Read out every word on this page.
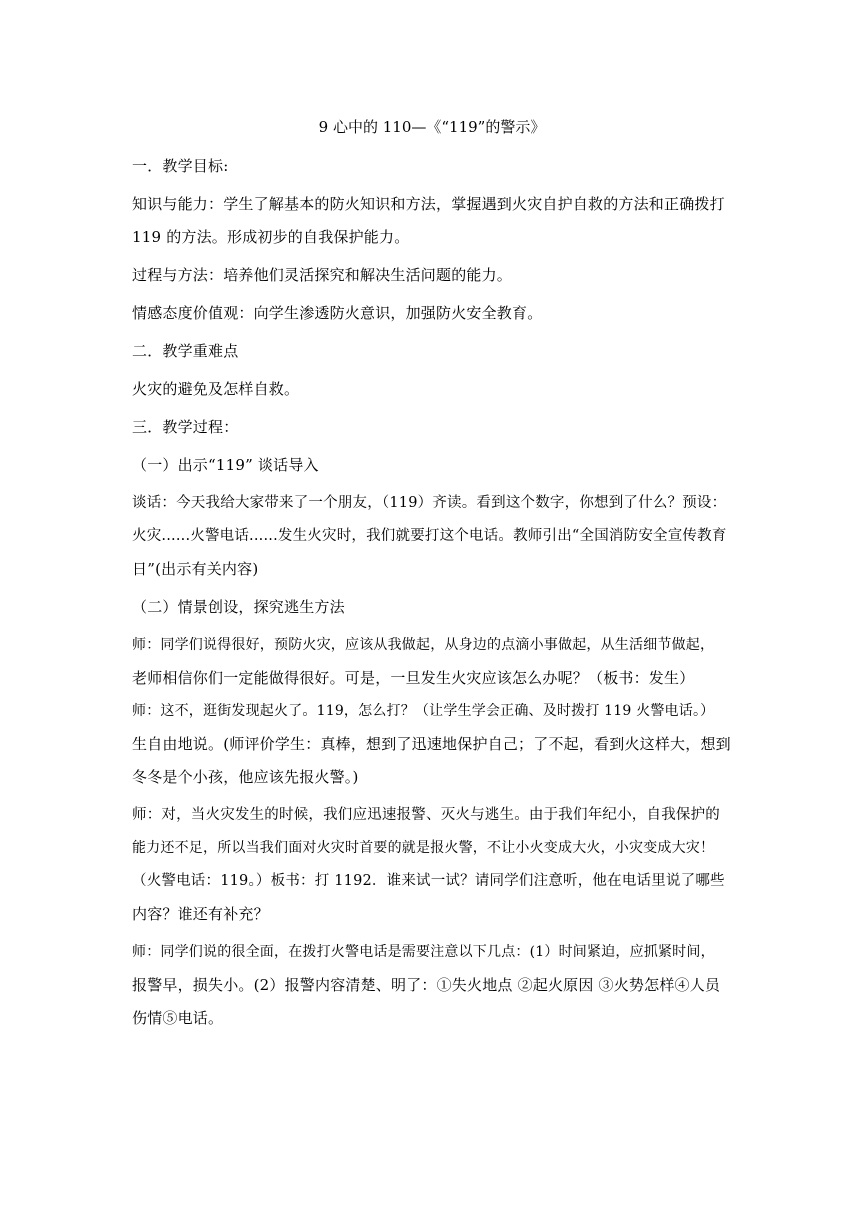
9 心中的 110—《“119”的警示》
一．教学目标:
知识与能力：学生了解基本的防火知识和方法，掌握遇到火灾自护自救的方法和正确拨打
119 的方法。形成初步的自我保护能力。
过程与方法：培养他们灵活探究和解决生活问题的能力。
情感态度价值观：向学生渗透防火意识，加强防火安全教育。
二．教学重难点
火灾的避免及怎样自救。
三．教学过程：
（一）出示“119” 谈话导入
谈话：今天我给大家带来了一个朋友，（119）齐读。看到这个数字，你想到了什么？预设：
火灾......火警电话......发生火灾时，我们就要打这个电话。教师引出“全国消防安全宣传教育
日”(出示有关内容)
（二）情景创设，探究逃生方法
师：同学们说得很好，预防火灾，应该从我做起，从身边的点滴小事做起，从生活细节做起，
老师相信你们一定能做得很好。可是，一旦发生火灾应该怎么办呢？（板书：发生）
师：这不，逛街发现起火了。119，怎么打？（让学生学会正确、及时拨打 119 火警电话。）
生自由地说。(师评价学生：真棒，想到了迅速地保护自己；了不起，看到火这样大，想到
冬冬是个小孩，他应该先报火警。)
师：对，当火灾发生的时候，我们应迅速报警、灭火与逃生。由于我们年纪小，自我保护的
能力还不足，所以当我们面对火灾时首要的就是报火警，不让小火变成大火，小灾变成大灾！
（火警电话：119。）板书：打 1192．谁来试一试？请同学们注意听，他在电话里说了哪些
内容？谁还有补充？
师：同学们说的很全面，在拨打火警电话是需要注意以下几点：(1）时间紧迫，应抓紧时间，
报警早，损失小。(2）报警内容清楚、明了：①失火地点 ②起火原因 ③火势怎样④人员
伤情⑤电话。
